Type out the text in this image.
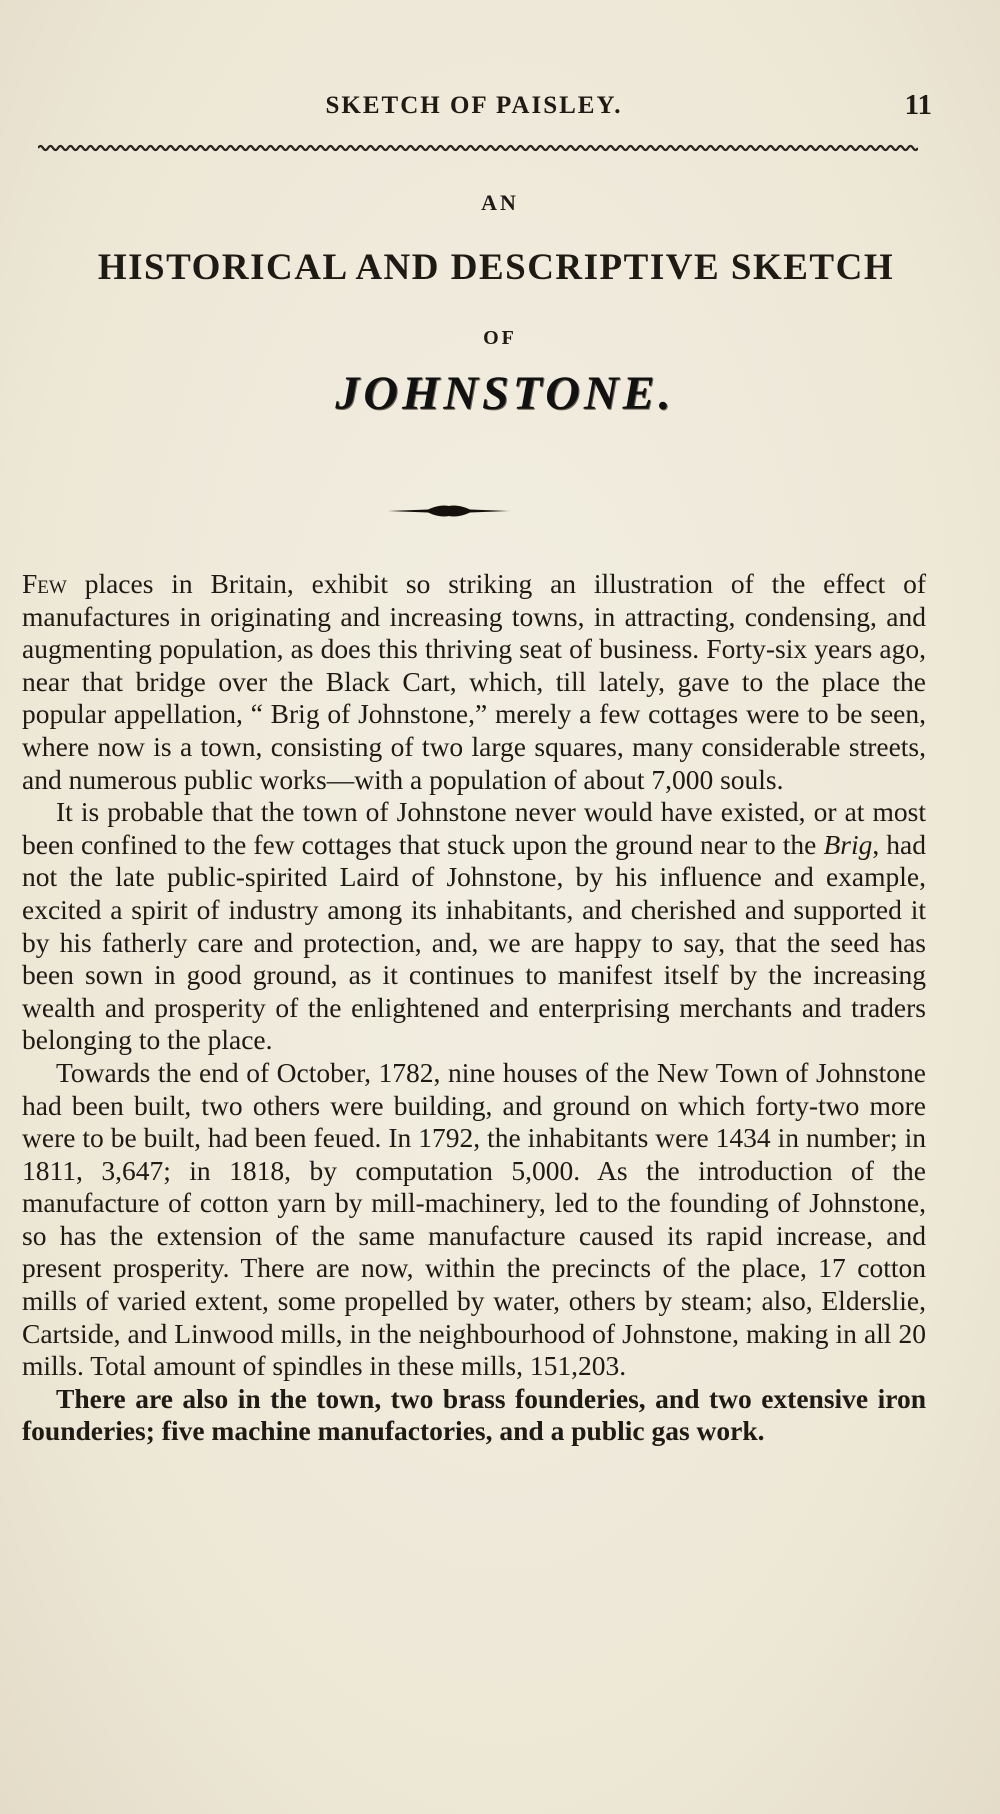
SKETCH OF PAISLEY.	11
AN
HISTORICAL AND DESCRIPTIVE SKETCH
OF
JOHNSTONE.

Few places in Britain, exhibit so striking an illustration of the effect of manufactures in originating and increasing towns, in attracting, condensing, and augmenting population, as does this thriving seat of business. Forty-six years ago, near that bridge over the Black Cart, which, till lately, gave to the place the popular appellation, “ Brig of Johnstone,” merely a few cottages were to be seen, where now is a town, consisting of two large squares, many considerable streets, and numerous public works—with a population of about 7,000 souls.

It is probable that the town of Johnstone never would have existed, or at most been confined to the few cottages that stuck upon the ground near to the Brig, had not the late public-spirited Laird of Johnstone, by his influence and example, excited a spirit of industry among its inhabitants, and cherished and supported it by his fatherly care and protection, and, we are happy to say, that the seed has been sown in good ground, as it continues to manifest itself by the increasing wealth and prosperity of the enlightened and enterprising merchants and traders belonging to the place.

Towards the end of October, 1782, nine houses of the New Town of Johnstone had been built, two others were building, and ground on which forty-two more were to be built, had been feued. In 1792, the inhabitants were 1434 in number; in 1811, 3,647; in 1818, by computation 5,000. As the introduction of the manufacture of cotton yarn by mill-machinery, led to the founding of Johnstone, so has the extension of the same manufacture caused its rapid increase, and present prosperity. There are now, within the precincts of the place, 17 cotton mills of varied extent, some propelled by water, others by steam; also, Elderslie, Cartside, and Linwood mills, in the neighbourhood of Johnstone, making in all 20 mills. Total amount of spindles in these mills, 151,203.

There are also in the town, two brass founderies, and two extensive iron founderies; five machine manufactories, and a public gas work.
